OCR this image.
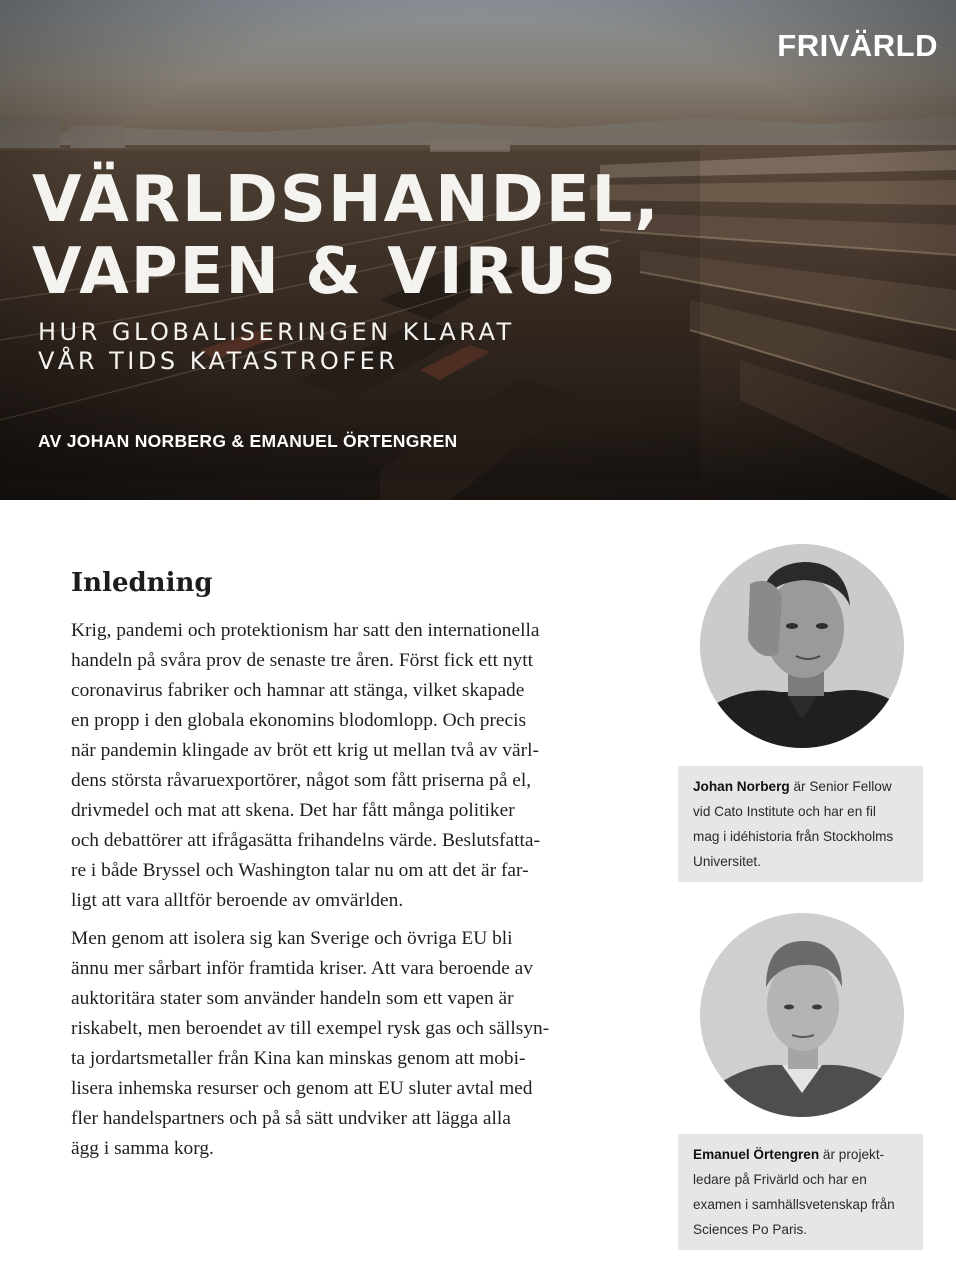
FRIVÄRLD
VÄRLDSHANDEL,
VAPEN & VIRUS
HUR GLOBALISERINGEN KLARAT
VÅR TIDS KATASTROFER
AV JOHAN NORBERG & EMANUEL ÖRTENGREN
Inledning

Krig, pandemi och protektionism har satt den internationella
handeln på svåra prov de senaste tre åren. Först fick ett nytt
coronavirus fabriker och hamnar att stänga, vilket skapade
en propp i den globala ekonomins blodomlopp. Och precis
när pandemin klingade av bröt ett krig ut mellan två av värl-
dens största råvaruexportörer, något som fått priserna på el,
drivmedel och mat att skena. Det har fått många politiker
och debattörer att ifrågasätta frihandelns värde. Beslutsfatta-
re i både Bryssel och Washington talar nu om att det är far-
ligt att vara alltför beroende av omvärlden.

Men genom att isolera sig kan Sverige och övriga EU bli
ännu mer sårbart inför framtida kriser. Att vara beroende av
auktoritära stater som använder handeln som ett vapen är
riskabelt, men beroendet av till exempel rysk gas och sällsyn-
ta jordartsmetaller från Kina kan minskas genom att mobi-
lisera inhemska resurser och genom att EU sluter avtal med
fler handelspartners och på så sätt undviker att lägga alla
ägg i samma korg.

Johan Norberg är Senior Fellow
vid Cato Institute och har en fil
mag i idéhistoria från Stockholms
Universitet.
Emanuel Örtengren är projekt-
ledare på Frivärld och har en
examen i samhällsvetenskap från
Sciences Po Paris.
